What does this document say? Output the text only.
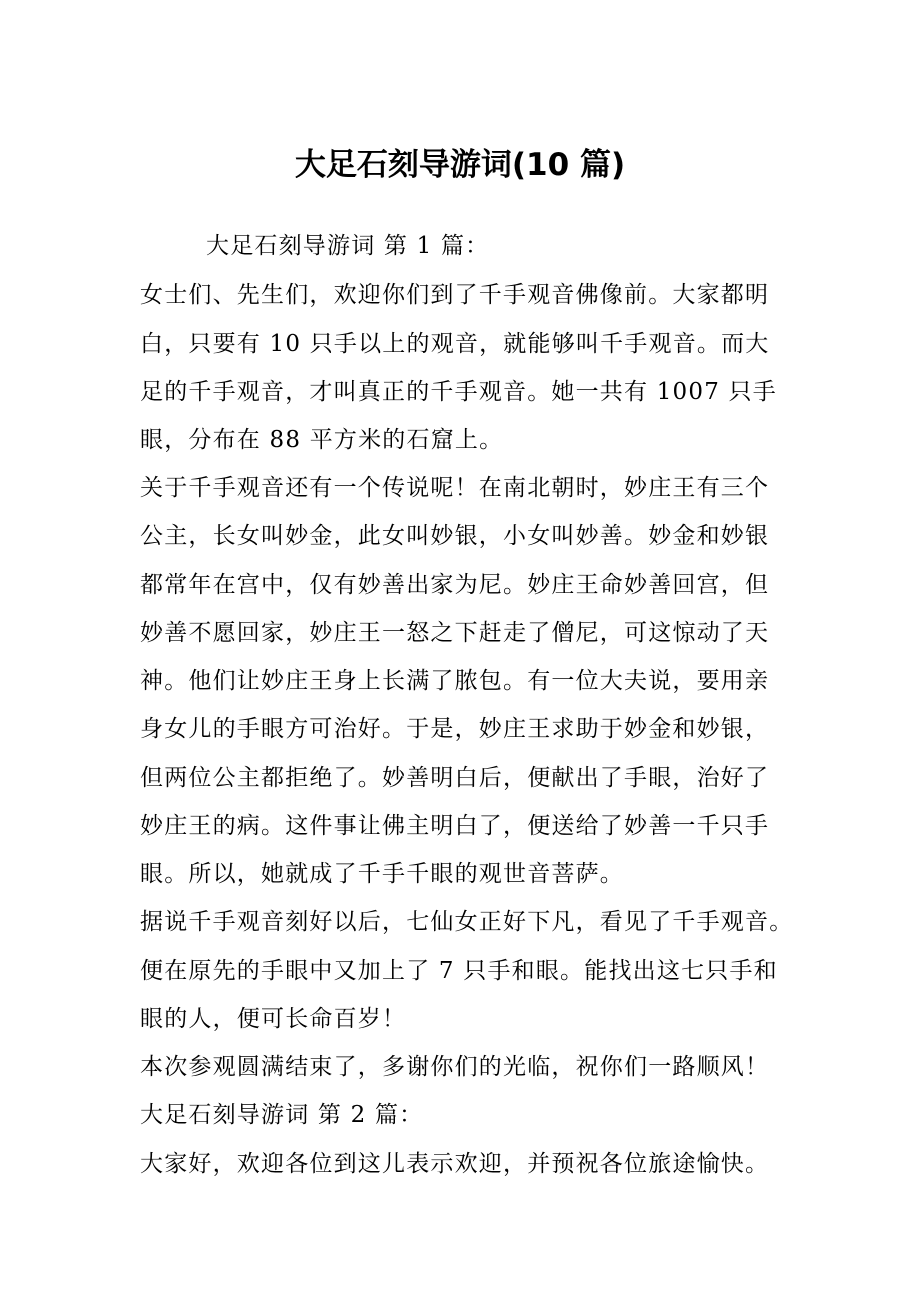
大足石刻导游词(10 篇)
大足石刻导游词 第 1 篇：
女士们、先生们，欢迎你们到了千手观音佛像前。大家都明
白，只要有 10 只手以上的观音，就能够叫千手观音。而大
足的千手观音，才叫真正的千手观音。她一共有 1007 只手
眼，分布在 88 平方米的石窟上。
关于千手观音还有一个传说呢！在南北朝时，妙庄王有三个
公主，长女叫妙金，此女叫妙银，小女叫妙善。妙金和妙银
都常年在宫中，仅有妙善出家为尼。妙庄王命妙善回宫，但
妙善不愿回家，妙庄王一怒之下赶走了僧尼，可这惊动了天
神。他们让妙庄王身上长满了脓包。有一位大夫说，要用亲
身女儿的手眼方可治好。于是，妙庄王求助于妙金和妙银，
但两位公主都拒绝了。妙善明白后，便献出了手眼，治好了
妙庄王的病。这件事让佛主明白了，便送给了妙善一千只手
眼。所以，她就成了千手千眼的观世音菩萨。
据说千手观音刻好以后，七仙女正好下凡，看见了千手观音。
便在原先的手眼中又加上了 7 只手和眼。能找出这七只手和
眼的人，便可长命百岁！
本次参观圆满结束了，多谢你们的光临，祝你们一路顺风！
大足石刻导游词 第 2 篇：
大家好，欢迎各位到这儿表示欢迎，并预祝各位旅途愉快。
